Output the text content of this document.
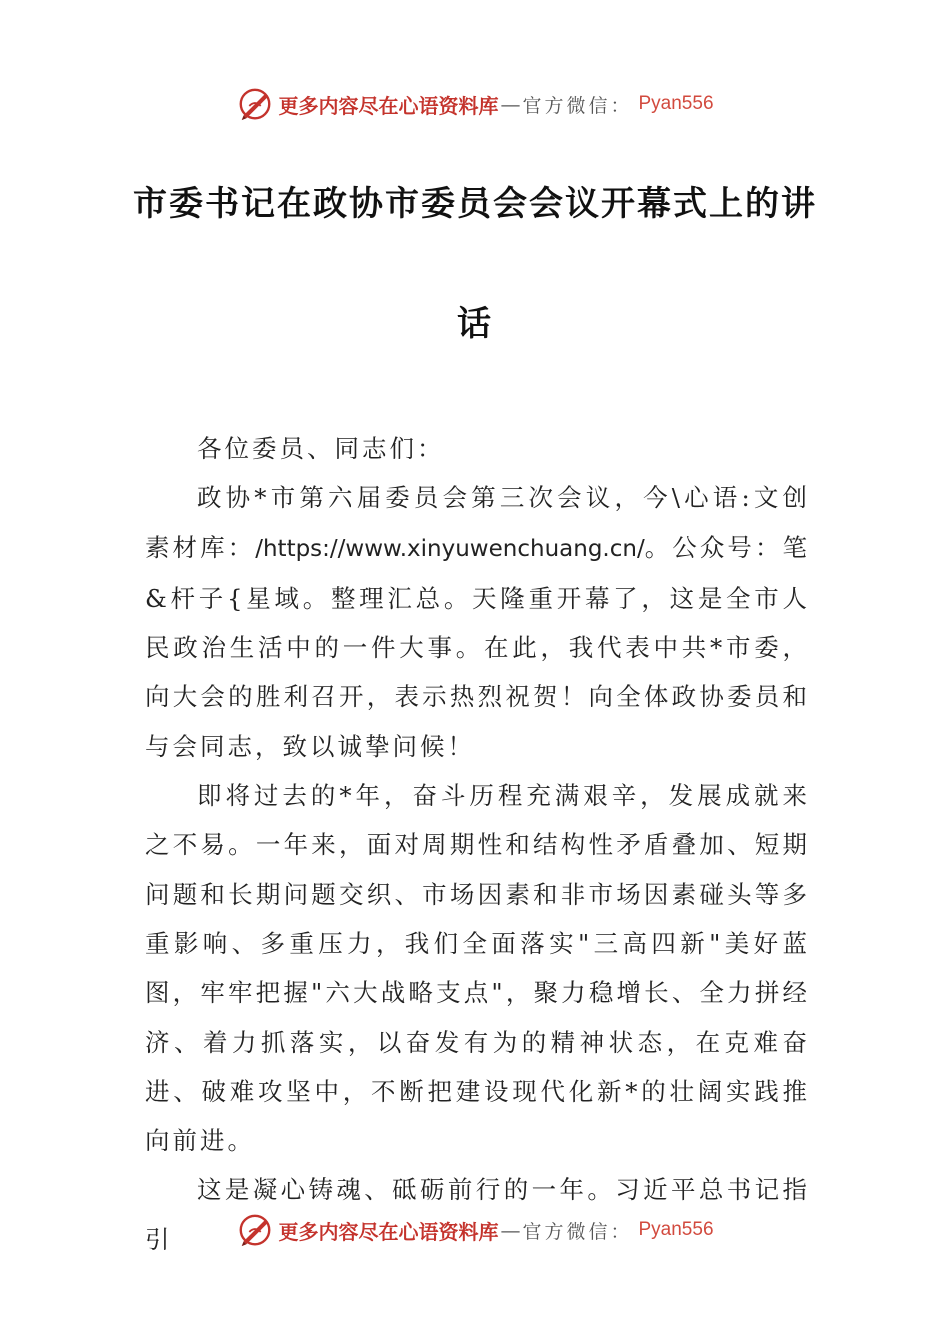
更多内容尽在心语资料库 — 官方微信： Pyan556
市委书记在政协市委员会会议开幕式上的讲
话

各位委员、同志们：

政协*市第六届委员会第三次会议，今\心语:文创素材库：/https://www.xinyuwenchuang.cn/。公众号：笔&杆子{星域。整理汇总。天隆重开幕了，这是全市人民政治生活中的一件大事。在此，我代表中共*市委，向大会的胜利召开，表示热烈祝贺！向全体政协委员和与会同志，致以诚挚问候！

即将过去的*年，奋斗历程充满艰辛，发展成就来之不易。一年来，面对周期性和结构性矛盾叠加、短期问题和长期问题交织、市场因素和非市场因素碰头等多重影响、多重压力，我们全面落实"三高四新"美好蓝图，牢牢把握"六大战略支点"，聚力稳增长、全力拼经济、着力抓落实，以奋发有为的精神状态，在克难奋进、破难攻坚中，不断把建设现代化新*的壮阔实践推向前进。

这是凝心铸魂、砥砺前行的一年。习近平总书记指引	更多内容尽在心语资料库 — 官方微信： Pyan556
